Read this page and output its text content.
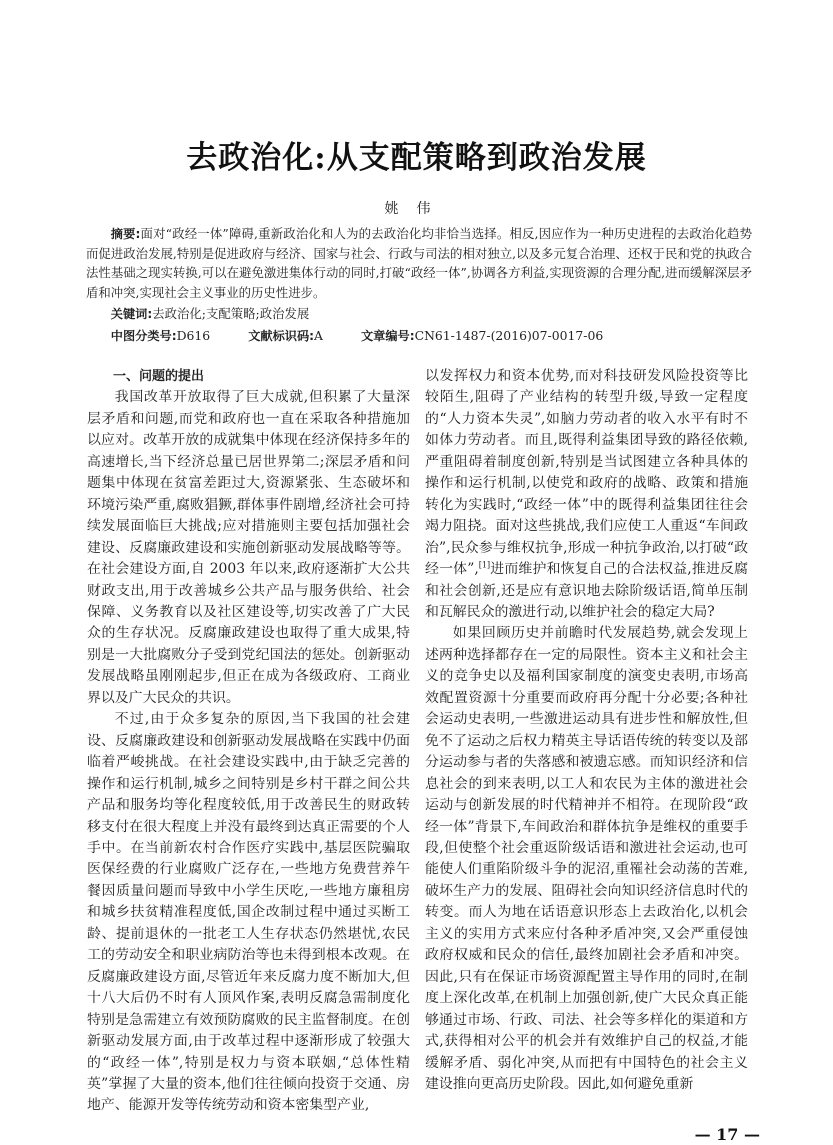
去政治化:从支配策略到政治发展
姚伟

摘要:面对“政经一体”障碍,重新政治化和人为的去政治化均非恰当选择。相反,因应作为一种历史进程的去政治化趋势而促进政治发展,特别是促进政府与经济、国家与社会、行政与司法的相对独立,以及多元复合治理、还权于民和党的执政合法性基础之现实转换,可以在避免激进集体行动的同时,打破“政经一体”,协调各方利益,实现资源的合理分配,进而缓解深层矛盾和冲突,实现社会主义事业的历史性进步。

关键词:去政治化;支配策略;政治发展

中图分类号:D616	文献标识码:A	文章编号:CN61-1487-(2016)07-0017-06
一、问题的提出

我国改革开放取得了巨大成就,但积累了大量深层矛盾和问题,而党和政府也一直在采取各种措施加以应对。改革开放的成就集中体现在经济保持多年的高速增长,当下经济总量已居世界第二;深层矛盾和问题集中体现在贫富差距过大,资源紧张、生态破坏和环境污染严重,腐败猖獗,群体事件剧增,经济社会可持续发展面临巨大挑战;应对措施则主要包括加强社会建设、反腐廉政建设和实施创新驱动发展战略等等。在社会建设方面,自 2003 年以来,政府逐渐扩大公共财政支出,用于改善城乡公共产品与服务供给、社会保障、义务教育以及社区建设等,切实改善了广大民众的生存状况。反腐廉政建设也取得了重大成果,特别是一大批腐败分子受到党纪国法的惩处。创新驱动发展战略虽刚刚起步,但正在成为各级政府、工商业界以及广大民众的共识。

不过,由于众多复杂的原因,当下我国的社会建设、反腐廉政建设和创新驱动发展战略在实践中仍面临着严峻挑战。在社会建设实践中,由于缺乏完善的操作和运行机制,城乡之间特别是乡村干群之间公共产品和服务均等化程度较低,用于改善民生的财政转移支付在很大程度上并没有最终到达真正需要的个人手中。在当前新农村合作医疗实践中,基层医院骗取医保经费的行业腐败广泛存在,一些地方免费营养午餐因质量问题而导致中小学生厌吃,一些地方廉租房和城乡扶贫精准程度低,国企改制过程中通过买断工龄、提前退休的一批老工人生存状态仍然堪忧,农民工的劳动安全和职业病防治等也未得到根本改观。在反腐廉政建设方面,尽管近年来反腐力度不断加大,但十八大后仍不时有人顶风作案,表明反腐急需制度化特别是急需建立有效预防腐败的民主监督制度。在创新驱动发展方面,由于改革过程中逐渐形成了较强大的“政经一体”,特别是权力与资本联姻,“总体性精英”掌握了大量的资本,他们往往倾向投资于交通、房地产、能源开发等传统劳动和资本密集型产业,

以发挥权力和资本优势,而对科技研发风险投资等比较陌生,阻碍了产业结构的转型升级,导致一定程度的“人力资本失灵”,如脑力劳动者的收入水平有时不如体力劳动者。而且,既得利益集团导致的路径依赖,严重阻碍着制度创新,特别是当试图建立各种具体的操作和运行机制,以使党和政府的战略、政策和措施转化为实践时,“政经一体”中的既得利益集团往往会竭力阻挠。面对这些挑战,我们应使工人重返“车间政治”,民众参与维权抗争,形成一种抗争政治,以打破“政经一体”,[1]进而维护和恢复自己的合法权益,推进反腐和社会创新,还是应有意识地去除阶级话语,简单压制和瓦解民众的激进行动,以维护社会的稳定大局?

如果回顾历史并前瞻时代发展趋势,就会发现上述两种选择都存在一定的局限性。资本主义和社会主义的竞争史以及福利国家制度的演变史表明,市场高效配置资源十分重要而政府再分配十分必要;各种社会运动史表明,一些激进运动具有进步性和解放性,但免不了运动之后权力精英主导话语传统的转变以及部分运动参与者的失落感和被遗忘感。而知识经济和信息社会的到来表明,以工人和农民为主体的激进社会运动与创新发展的时代精神并不相符。在现阶段“政经一体”背景下,车间政治和群体抗争是维权的重要手段,但使整个社会重返阶级话语和激进社会运动,也可能使人们重陷阶级斗争的泥沼,重罹社会动荡的苦难,破坏生产力的发展、阻碍社会向知识经济信息时代的转变。而人为地在话语意识形态上去政治化,以机会主义的实用方式来应付各种矛盾冲突,又会严重侵蚀政府权威和民众的信任,最终加剧社会矛盾和冲突。因此,只有在保证市场资源配置主导作用的同时,在制度上深化改革,在机制上加强创新,使广大民众真正能够通过市场、行政、司法、社会等多样化的渠道和方式,获得相对公平的机会并有效维护自己的权益,才能缓解矛盾、弱化冲突,从而把有中国特色的社会主义建设推向更高历史阶段。因此,如何避免重新

— 17 —
